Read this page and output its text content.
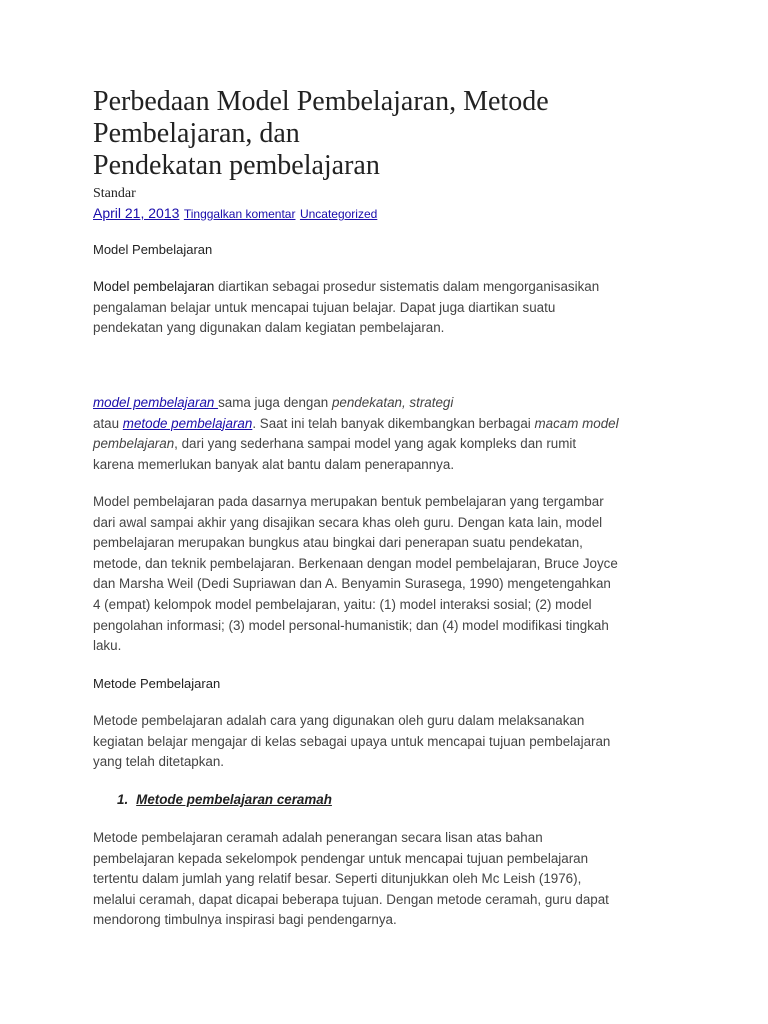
Perbedaan Model Pembelajaran, Metode
Pembelajaran, dan
Pendekatan pembelajaran
Standar
April 21, 2013 Tinggalkan komentar Uncategorized
Model Pembelajaran

Model pembelajaran diartikan sebagai prosedur sistematis dalam mengorganisasikan
pengalaman belajar untuk mencapai tujuan belajar. Dapat juga diartikan suatu
pendekatan yang digunakan dalam kegiatan pembelajaran.

model pembelajaran sama juga dengan pendekatan, strategi
atau metode pembelajaran. Saat ini telah banyak dikembangkan berbagai macam model
pembelajaran, dari yang sederhana sampai model yang agak kompleks dan rumit
karena memerlukan banyak alat bantu dalam penerapannya.

Model pembelajaran pada dasarnya merupakan bentuk pembelajaran yang tergambar
dari awal sampai akhir yang disajikan secara khas oleh guru. Dengan kata lain, model
pembelajaran merupakan bungkus atau bingkai dari penerapan suatu pendekatan,
metode, dan teknik pembelajaran. Berkenaan dengan model pembelajaran, Bruce Joyce
dan Marsha Weil (Dedi Supriawan dan A. Benyamin Surasega, 1990) mengetengahkan
4 (empat) kelompok model pembelajaran, yaitu: (1) model interaksi sosial; (2) model
pengolahan informasi; (3) model personal-humanistik; dan (4) model modifikasi tingkah
laku.

Metode Pembelajaran

Metode pembelajaran adalah cara yang digunakan oleh guru dalam melaksanakan
kegiatan belajar mengajar di kelas sebagai upaya untuk mencapai tujuan pembelajaran
yang telah ditetapkan.

1. Metode pembelajaran ceramah

Metode pembelajaran ceramah adalah penerangan secara lisan atas bahan
pembelajaran kepada sekelompok pendengar untuk mencapai tujuan pembelajaran
tertentu dalam jumlah yang relatif besar. Seperti ditunjukkan oleh Mc Leish (1976),
melalui ceramah, dapat dicapai beberapa tujuan. Dengan metode ceramah, guru dapat
mendorong timbulnya inspirasi bagi pendengarnya.
